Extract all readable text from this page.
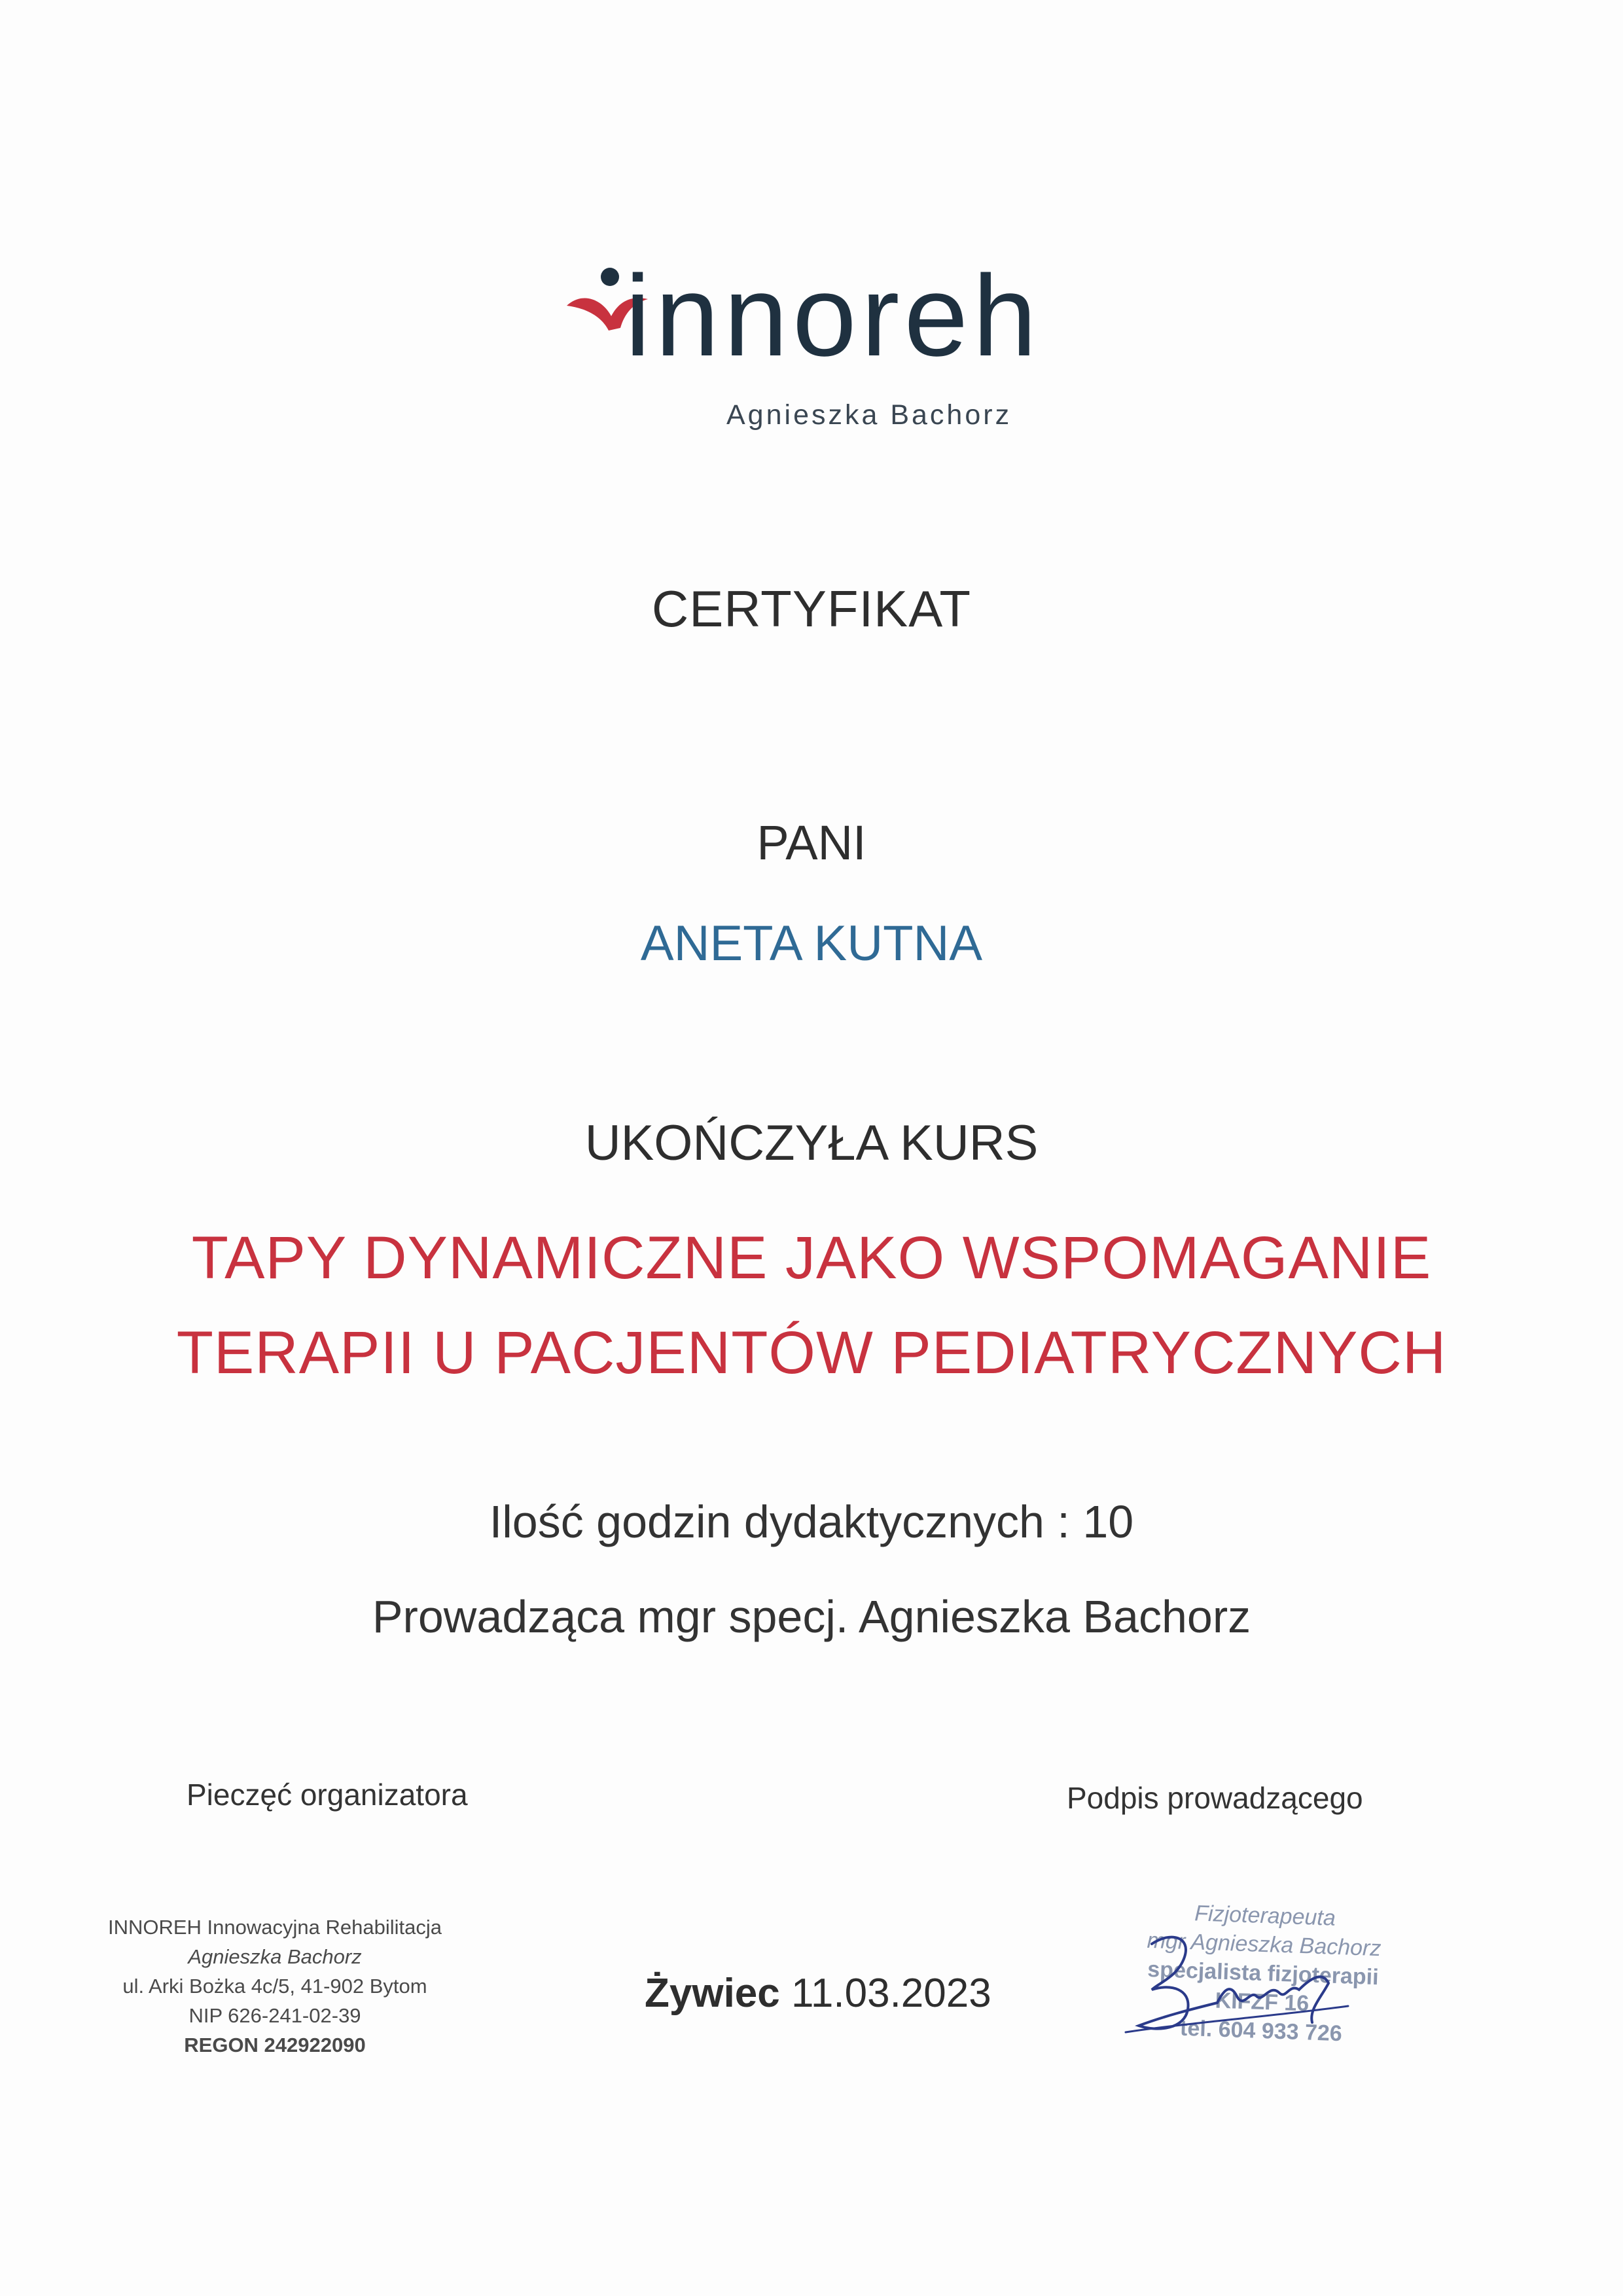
innoreh
Agnieszka Bachorz
CERTYFIKAT
PANI
ANETA KUTNA
UKOŃCZYŁA KURS
TAPY DYNAMICZNE JAKO WSPOMAGANIE
TERAPII U PACJENTÓW PEDIATRYCZNYCH
Ilość godzin dydaktycznych : 10
Prowadząca mgr specj. Agnieszka Bachorz
Pieczęć organizatora	Podpis prowadzącego
INNOREH Innowacyjna Rehabilitacja
Agnieszka Bachorz
ul. Arki Bożka 4c/5, 41-902 Bytom
NIP 626-241-02-39
REGON 242922090
Żywiec 11.03.2023
Fizjoterapeuta
mgr Agnieszka Bachorz
specjalista fizjoterapii
KIFZF 16
tel. 604 933 726
